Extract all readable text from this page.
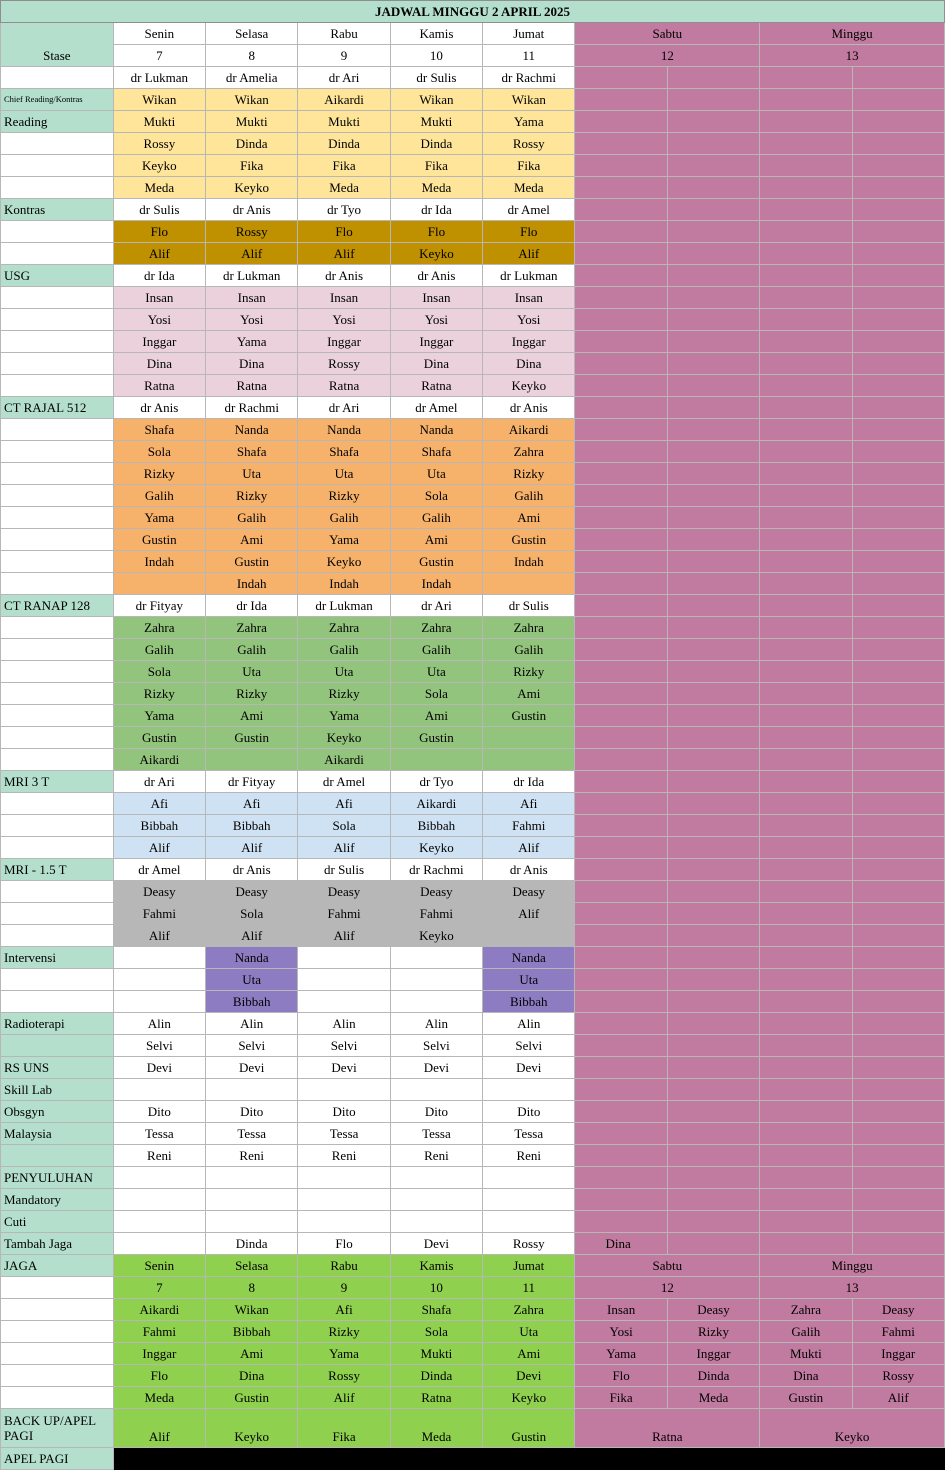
JADWAL MINGGU 2 APRIL 2025									
Stase	Senin	Selasa	Rabu	Kamis	Jumat	Sabtu		Minggu	
	7	8	9	10	11	12		13	
	dr Lukman	dr Amelia	dr Ari	dr Sulis	dr Rachmi				
Chief Reading/Kontras	Wikan	Wikan	Aikardi	Wikan	Wikan				
Reading	Mukti	Mukti	Mukti	Mukti	Yama				
	Rossy	Dinda	Dinda	Dinda	Rossy				
	Keyko	Fika	Fika	Fika	Fika				
	Meda	Keyko	Meda	Meda	Meda				
Kontras	dr Sulis	dr Anis	dr Tyo	dr Ida	dr Amel				
	Flo	Rossy	Flo	Flo	Flo				
	Alif	Alif	Alif	Keyko	Alif				
USG	dr Ida	dr Lukman	dr Anis	dr Anis	dr Lukman				
	Insan	Insan	Insan	Insan	Insan				
	Yosi	Yosi	Yosi	Yosi	Yosi				
	Inggar	Yama	Inggar	Inggar	Inggar				
	Dina	Dina	Rossy	Dina	Dina				
	Ratna	Ratna	Ratna	Ratna	Keyko				
CT RAJAL 512	dr Anis	dr Rachmi	dr Ari	dr Amel	dr Anis				
	Shafa	Nanda	Nanda	Nanda	Aikardi				
	Sola	Shafa	Shafa	Shafa	Zahra				
	Rizky	Uta	Uta	Uta	Rizky				
	Galih	Rizky	Rizky	Sola	Galih				
	Yama	Galih	Galih	Galih	Ami				
	Gustin	Ami	Yama	Ami	Gustin				
	Indah	Gustin	Keyko	Gustin	Indah				
		Indah	Indah	Indah					
CT RANAP 128	dr Fityay	dr Ida	dr Lukman	dr Ari	dr Sulis				
	Zahra	Zahra	Zahra	Zahra	Zahra				
	Galih	Galih	Galih	Galih	Galih				
	Sola	Uta	Uta	Uta	Rizky				
	Rizky	Rizky	Rizky	Sola	Ami				
	Yama	Ami	Yama	Ami	Gustin				
	Gustin	Gustin	Keyko	Gustin					
	Aikardi		Aikardi						
MRI 3 T	dr Ari	dr Fityay	dr Amel	dr Tyo	dr Ida				
	Afi	Afi	Afi	Aikardi	Afi				
	Bibbah	Bibbah	Sola	Bibbah	Fahmi				
	Alif	Alif	Alif	Keyko	Alif				
MRI - 1.5 T	dr Amel	dr Anis	dr Sulis	dr Rachmi	dr Anis				
	Deasy	Deasy	Deasy	Deasy	Deasy				
	Fahmi	Sola	Fahmi	Fahmi	Alif				
	Alif	Alif	Alif	Keyko					
Intervensi		Nanda			Nanda				
		Uta			Uta				
		Bibbah			Bibbah				
Radioterapi	Alin	Alin	Alin	Alin	Alin				
	Selvi	Selvi	Selvi	Selvi	Selvi				
RS UNS	Devi	Devi	Devi	Devi	Devi				
Skill Lab									
Obsgyn	Dito	Dito	Dito	Dito	Dito				
Malaysia	Tessa	Tessa	Tessa	Tessa	Tessa				
	Reni	Reni	Reni	Reni	Reni				
PENYULUHAN									
Mandatory									
Cuti									
Tambah Jaga		Dinda	Flo	Devi	Rossy	Dina			
JAGA	Senin	Selasa	Rabu	Kamis	Jumat	Sabtu		Minggu	
	7	8	9	10	11	12		13	
	Aikardi	Wikan	Afi	Shafa	Zahra	Insan	Deasy	Zahra	Deasy
	Fahmi	Bibbah	Rizky	Sola	Uta	Yosi	Rizky	Galih	Fahmi
	Inggar	Ami	Yama	Mukti	Ami	Yama	Inggar	Mukti	Inggar
	Flo	Dina	Rossy	Dinda	Devi	Flo	Dinda	Dina	Rossy
	Meda	Gustin	Alif	Ratna	Keyko	Fika	Meda	Gustin	Alif
BACK UP/APEL PAGI	Alif	Keyko	Fika	Meda	Gustin	Ratna		Keyko	
APEL PAGI									
